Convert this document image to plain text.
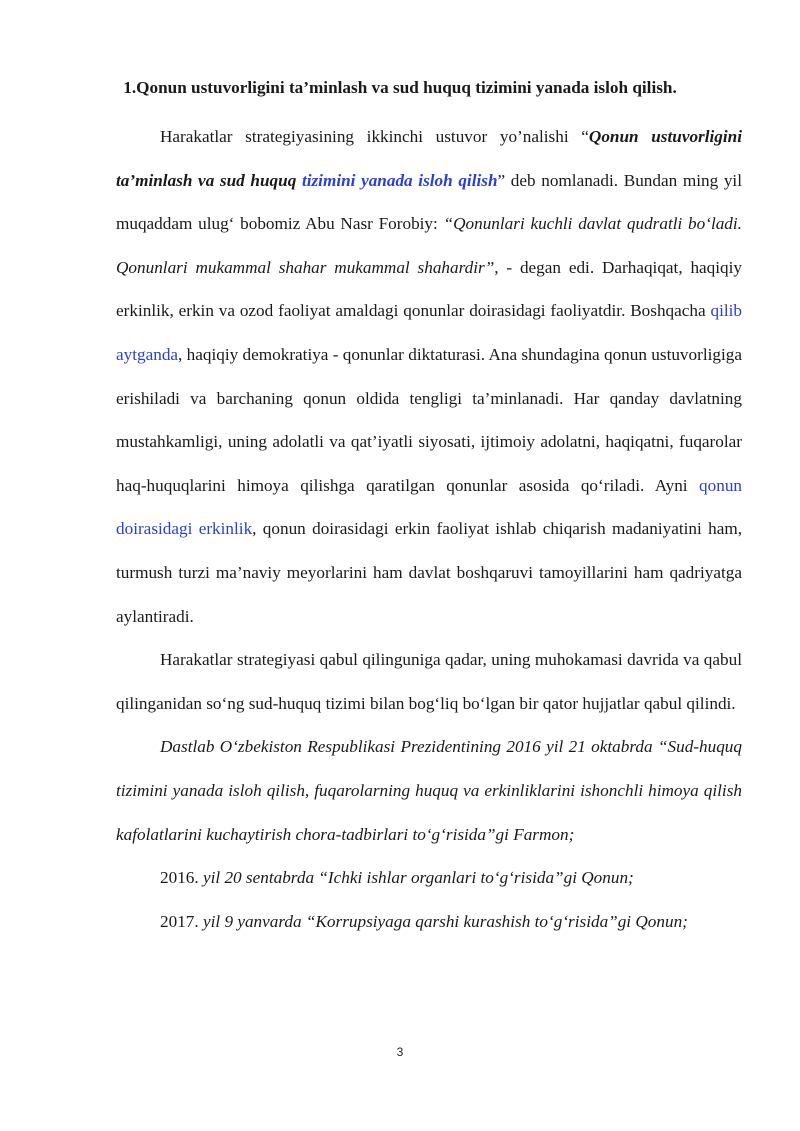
1.Qonun ustuvorligini ta’minlash va sud huquq tizimini yanada isloh qilish.

Harakatlar strategiyasining ikkinchi ustuvor yo’nalishi “Qonun ustuvorligini ta’minlash va sud huquq tizimini yanada isloh qilish” deb nomlanadi. Bundan ming yil muqaddam ulug‘ bobomiz Abu Nasr Forobiy: “Qonunlari kuchli davlat qudratli bo‘ladi. Qonunlari mukammal shahar mukammal shahardir”, - degan edi. Darhaqiqat, haqiqiy erkinlik, erkin va ozod faoliyat amaldagi qonunlar doirasidagi faoliyatdir. Boshqacha qilib aytganda, haqiqiy demokratiya - qonunlar diktaturasi. Ana shundagina qonun ustuvorligiga erishiladi va barchaning qonun oldida tengligi ta’minlanadi. Har qanday davlatning mustahkamligi, uning adolatli va qat’iyatli siyosati, ijtimoiy adolatni, haqiqatni, fuqarolar haq-huquqlarini himoya qilishga qaratilgan qonunlar asosida qo‘riladi. Ayni qonun doirasidagi erkinlik, qonun doirasidagi erkin faoliyat ishlab chiqarish madaniyatini ham, turmush turzi ma’naviy meyorlarini ham davlat boshqaruvi tamoyillarini ham qadriyatga aylantiradi.

Harakatlar strategiyasi qabul qilinguniga qadar, uning muhokamasi davrida va qabul qilinganidan so‘ng sud-huquq tizimi bilan bog‘liq bo‘lgan bir qator hujjatlar qabul qilindi.

Dastlab O‘zbekiston Respublikasi Prezidentining 2016 yil 21 oktabrda “Sud-huquq tizimini yanada isloh qilish, fuqarolarning huquq va erkinliklarini ishonchli himoya qilish kafolatlarini kuchaytirish chora-tadbirlari to‘g‘risida”gi Farmon;

2016. yil 20 sentabrda “Ichki ishlar organlari to‘g‘risida”gi Qonun;

2017. yil 9 yanvarda “Korrupsiyaga qarshi kurashish to‘g‘risida”gi Qonun;

3
